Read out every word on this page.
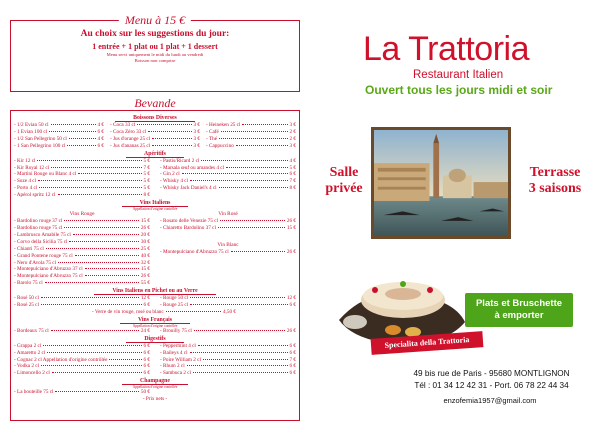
Menu à 15 €
Au choix sur les suggestions du jour:
1 entrée + 1 plat ou 1 plat + 1 dessert
Menu servi uniquement le midi du lundi au vendredi
Boisson non comprise
Bevande
Boissons Diverses
- 1/2 Evian 50 cl	4 €
- 1 Evian 100 cl	6 €
- 1/2 San Pellegrino 50 cl	4 €
- 1 San Pellegrino 100 cl	6 €
- Coca 33 cl	3 €
- Coca Zéro 33 cl	3 €
- Jus d'orange 25 cl	3 €
- Jus d'ananas 25 cl	3 €
- Heineken 25 cl	3 €
- Café	2 €
- Thé	2 €
- Cappuccino	3 €
Apéritifs
- Kir 12 cl	5 €
- Kir Royal 12 cl	7 €
- Martini Rouge ou Blanc 4 cl	5 €
- Suze 4 cl	5 €
- Porto 4 cl	5 €
- Apérol spritz 12 cl	8 €
- Pastis/Ricard 2 cl	4 €
- Marsala œuf ou amandes 4 cl	5 €
- Gin 2 cl	6 €
- Whisky 4 cl	7 €
- Whisky Jack Daniel's 4 cl	8 €
Vins Italiens
Appellation d'origine contrôlée
Vins Rouge
- Bardolino rouge 37 cl	15 €
- Bardolino rouge 75 cl	26 €
- Lambrusco Amabile 75 cl	20 €
- Corvo della Sicilia 75 cl	30 €
- Chianti 75 cl	25 €
- Grand Pontene rouge 75 cl	40 €
- Nero d'Avola 75 cl	32 €
- Montepulciano d'Abruzzo 37 cl	15 €
- Montepulciano d'Abruzzo 75 cl	26 €
- Barolo 75 cl	55 €
Vin Rosé
- Rosato delle Venezie 75 cl	26 €
- Chiaretto Bardolino 37 cl	15 €
Vin Blanc
- Montepulciano d'Abruzzo 75 cl	26 €
Vins Italiens en Pichet ou au Verre
- Rosé 50 cl	12 €
- Rosé 25 cl	6 €
- Rouge 50 cl	12 €
- Rouge 25 cl	6 €
- Verre de vin rouge, rosé ou blanc	4,50 €
Vins Français
Appellation d'origine contrôlée
- Bordeaux 75 cl	24 € - Brouilly 75 cl	26 €
Digestifs
- Grappa 2 cl	6 €
- Amaretto 2 cl	6 €
- Cognac 2 cl Appellation d'origine contrôlée	6 €
- Vodka 2 cl	6 €
- Limoncello 2 cl	6 €
- Peppermint 4 cl	6 €
- Baileys 4 cl	6 €
- Poire William 2 cl	7 €
- Rhum 2 cl	6 €
- Sambuca 2 cl	6 €
Champagne
Appellation d'origine contrôlée
- La bouteille 75 cl	50 €
- Prix nets -
La Trattoria
Restaurant Italien
Ouvert tous les jours midi et soir
Salle
privée
Terrasse
3 saisons
Specialita della Trattoria
Plats et Bruschette
à emporter
49 bis rue de Paris - 95680 MONTLIGNON
Tél : 01 34 12 42 31 - Port. 06 78 22 44 34
enzofemia1957@gmail.com
